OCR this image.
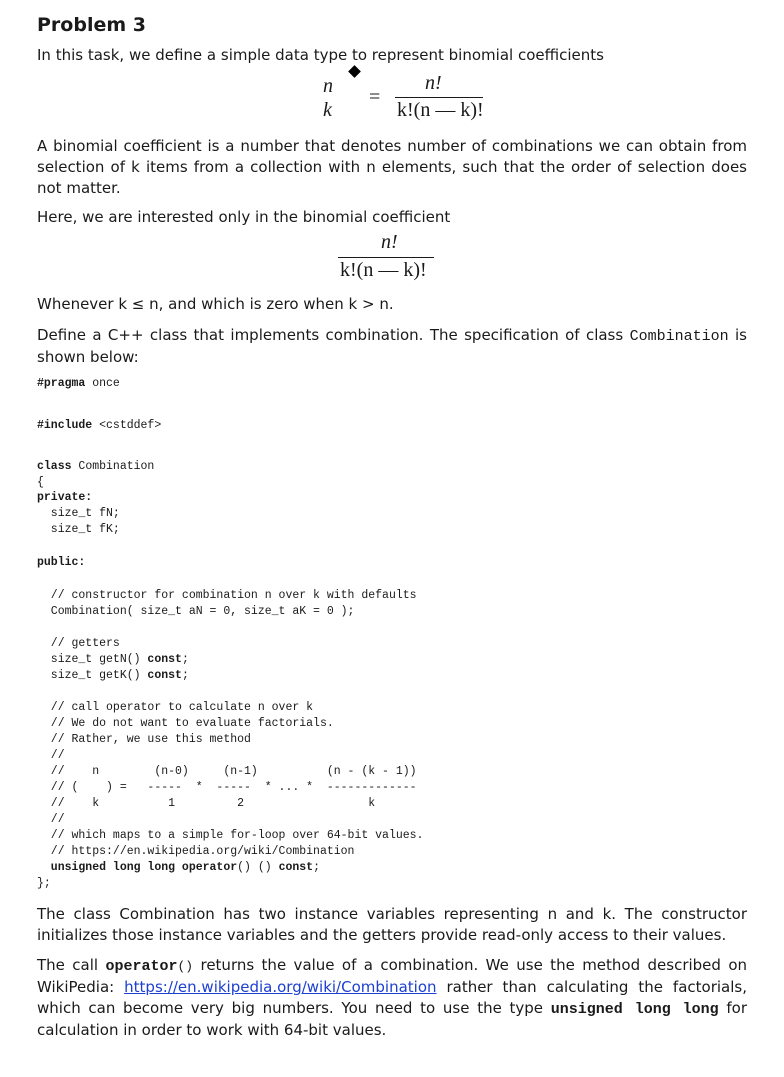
Problem 3
In this task, we define a simple data type to represent binomial coefficients
n
k
=
n!
k!(n — k)!
A binomial coefficient is a number that denotes number of combinations we can obtain from selection of k items from a collection with n elements, such that the order of selection does not matter.
Here, we are interested only in the binomial coefficient
n!
k!(n — k)!
Whenever k ≤ n, and which is zero when k > n.
Define a C++ class that implements combination. The specification of class Combination is shown below:
#pragma once
#include <cstddef>
class Combination
{
private:
size_t fN;
size_t fK;
public:
// constructor for combination n over k with defaults
Combination( size_t aN = 0, size_t aK = 0 );
// getters
size_t getN() const;
size_t getK() const;
// call operator to calculate n over k
// We do not want to evaluate factorials.
// Rather, we use this method
//
//    n        (n-0)     (n-1)          (n - (k - 1))
// (    ) =   -----  *  -----  * ... *  -------------
//    k          1         2                  k
//
// which maps to a simple for-loop over 64-bit values.
// https://en.wikipedia.org/wiki/Combination
unsigned long long operator() () const;
};
The class Combination has two instance variables representing n and k. The constructor initializes those instance variables and the getters provide read-only access to their values.
The call operator() returns the value of a combination. We use the method described on WikiPedia: https://en.wikipedia.org/wiki/Combination rather than calculating the factorials, which can become very big numbers. You need to use the type unsigned long long for calculation in order to work with 64-bit values.
